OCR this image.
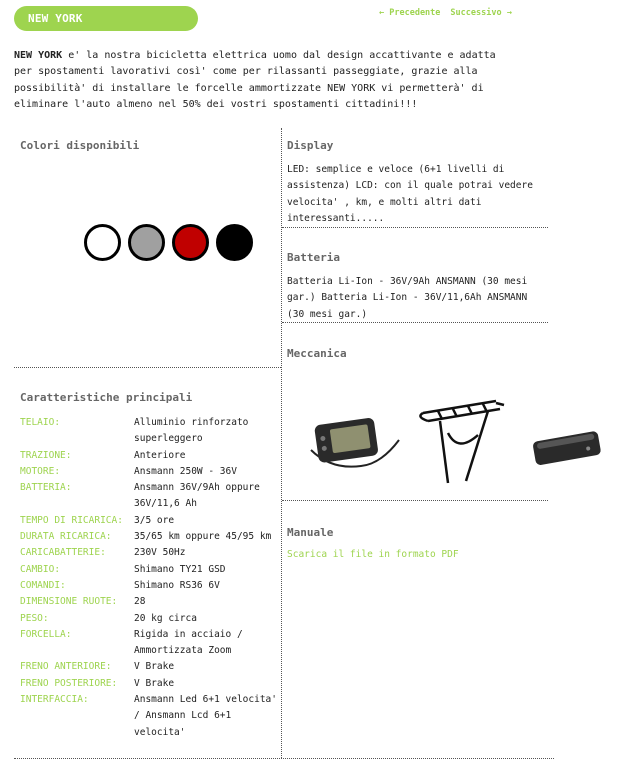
NEW YORK	← Precedente Successivo →
NEW YORK e' la nostra bicicletta elettrica uomo dal design accattivante e adatta per spostamenti lavorativi così' come per rilassanti passeggiate, grazie alla possibilità' di installare le forcelle ammortizzate NEW YORK vi permetterà' di eliminare l'auto almeno nel 50% dei vostri spostamenti cittadini!!!
Colori disponibili	Display
LED: semplice e veloce (6+1 livelli di assistenza) LCD: con il quale potrai vedere velocita' , km, e molti altri dati interessanti.....
Batteria
Batteria Li-Ion - 36V/9Ah ANSMANN (30 mesi gar.) Batteria Li-Ion - 36V/11,6Ah ANSMANN (30 mesi gar.)
Meccanica
Manuale
Scarica il file in formato PDF
Caratteristiche principali
TELAIO:	Alluminio rinforzato superleggero
TRAZIONE:	Anteriore
MOTORE:	Ansmann 250W - 36V
BATTERIA:	Ansmann 36V/9Ah oppure 36V/11,6 Ah
TEMPO DI RICARICA:	3/5 ore
DURATA RICARICA:	35/65 km oppure 45/95 km
CARICABATTERIE:	230V 50Hz
CAMBIO:	Shimano TY21 GSD
COMANDI:	Shimano RS36 6V
DIMENSIONE RUOTE:	28
PESO:	20 kg circa
FORCELLA:	Rigida in acciaio / Ammortizzata Zoom
FRENO ANTERIORE:	V Brake
FRENO POSTERIORE:	V Brake
INTERFACCIA:	Ansmann Led 6+1 velocita' / Ansmann Lcd 6+1 velocita'
